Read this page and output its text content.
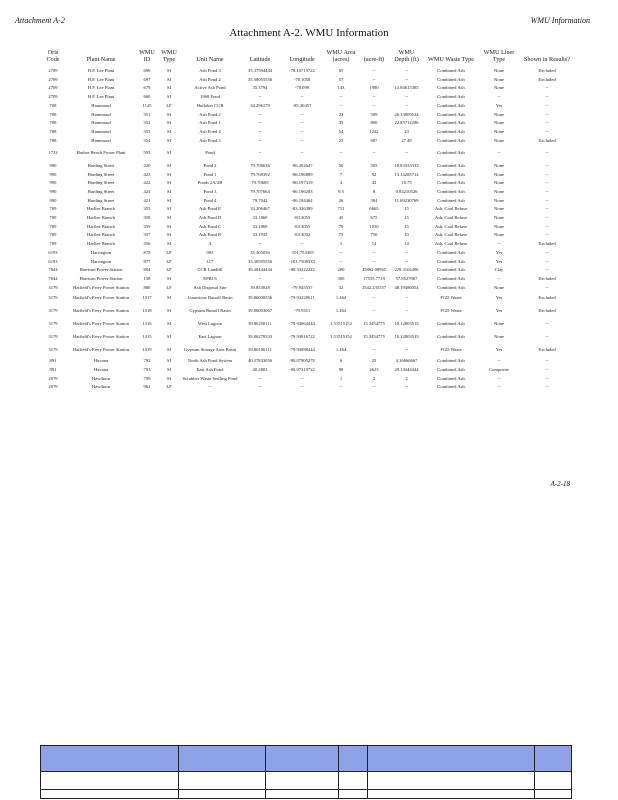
Attachment A-2	WMU Information
Attachment A-2. WMU Information
Oris Code	Plant Name	WMU ID	WMU Type	Unit Name	Latitude	Longitude	WMU Area (acres)	(acre-ft)	WMU Depth (ft)	WMU Waste Type	WMU Liner Type	Shown in Results?
2709	H.F. Lee Plant	696	SI	Ash Pond 3	35.37594444	-78.10719722	65	--	--	Combined Ash	None	Excluded
2709	H.F. Lee Plant	697	SI	Ash Pond 2	35.38055556	-78.1058	57	--	--	Combined Ash	None	Excluded
2709	H.F. Lee Plant	679	SI	Active Ash Pond	35.3794	-78.099	143	1980	13.84615385	Combined Ash	None	--
2709	H.F. Lee Plant	660	SI	1968 Pond	--	--	--	--	--	Combined Ash	--	--
708	Hammond	1145	LF	Huffaker CCB	34.296179	-85.30457	--	--	--	Combined Ash	Yes	--
708	Hammond	351	SI	Ash Pond 2	--	--	23	509	26.33809524	Combined Ash	None	--
708	Hammond	352	SI	Ash Pond 1	--	--	35	800	22.85714286	Combined Ash	None	--
708	Hammond	353	SI	Ash Pond 4	--	--	54	1242	23	Combined Ash	None	--
708	Hammond	354	SI	Ash Pond 3	--	--	25	687	27.48	Combined Ash	None	Excluded
1733	Harbor Beach Power Plant	593	SI	Pond	--	--	--	--	--	Combined Ash	--	--
990	Harding Street	420	SI	Pond 2	79.708636	-86.202647	50	505	10.83333333	Combined Ash	None	--
990	Harding Street	423	SI	Pond 1	79.708392	-86.196889	7	92	13.14285714	Combined Ash	None	--
990	Harding Street	422	SI	Ponds 2A/2B	79.70665	-86.197319	4	42	10.75	Combined Ash	None	--
990	Harding Street	424	SI	Pond 3	79.707664	-86.196203	9.5	8	0.84210526	Combined Ash	None	--
990	Harding Street	421	SI	Pond 4	79.7042	-86.194464	26	304	11.69230769	Combined Ash	None	--
709	Harllee Branch	355	SI	Ash Pond E	33.206467	-83.326389	711	6665	15	Ash, Coal Refuse	None	--
709	Harllee Branch	358	SI	Ash Pond D	33.1869	-83.3055	45	675	15	Ash, Coal Refuse	None	--
709	Harllee Branch	359	SI	Ash Pond C	33.1869	-83.3055	70	1050	15	Ash, Coal Refuse	None	--
709	Harllee Branch	357	SI	Ash Pond B	33.1935	-83.3052	75	750	10	Ash, Coal Refuse	None	--
709	Harllee Branch	356	SI	A	--	--	1	14	14	Ash, Coal Refuse	--	Excluded
6193	Harrington	878	LF	003	35.305056	-101.754305	--	--	--	Combined Ash	Yes	--
6193	Harrington	877	LF	117	35.30505556	-101.7308333	--	--	--	Combined Ash	Yes	--
7644	Harrison Power Station	894	LF	CCB Landfill	39.40444444	-80.33222222	200	45862.08965	229.3104496	Combined Ash	Clay	--
7644	Harrison Power Station	158	SI	EPRI 6	--	--	300	17555.7719	57.8527067	Combined Ash	--	Excluded
3179	Hatfield's Ferry Power Station	880	LF	Ash Disposal Site	39.853028	-79.945537	32	1542.235557	48.19486054	Combined Ash	None	--
3179	Hatfield's Ferry Power Station	1317	SI	Limestone Runoff Basin	39.86000556	-79.93228611	1.464	--	--	FGD Waste	Yes	Excluded
3179	Hatfield's Ferry Power Station	1318	SI	Gypsum Runoff Basin	39.86003067	-79.9311	1.464	--	--	FGD Waste	Yes	Excluded
3179	Hatfield's Ferry Power Station	1316	SI	West Lagoon	39.86258111	-79.93064444	1.51515152	15.3454775	10.12803515	Combined Ash	None	--
3179	Hatfield's Ferry Power Station	1315	SI	East Lagoon	39.86278333	-79.93016722	1.51515152	15.3454775	10.12803515	Combined Ash	None	--
3179	Hatfield's Ferry Power Station	1319	SI	Gypsum Storage Area Basin	39.86106111	-79.93088444	1.464	--	--	FGD Waste	Yes	Excluded
891	Havana	792	SI	North Ash Pond System	40.27833056	-90.07905278	6	25	4.16666667	Combined Ash	--	--
891	Havana	793	SI	East Ash Pond	40.2803	-90.07319722	90	2623	29.14444444	Combined Ash	Composite	--
2079	Hawthorn	799	SI	Scrubber Waste Settling Pond	--	--	1	2	2	Combined Ash	--	--
2079	Hawthorn	962	LF	--	--	--	--	--	--	Combined Ash	--	--
A-2-18
